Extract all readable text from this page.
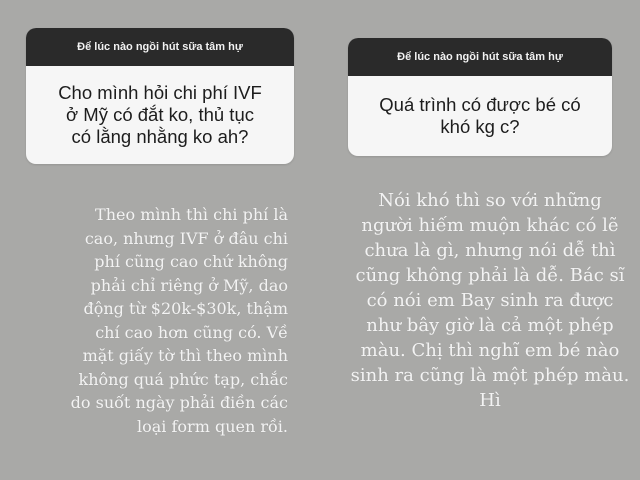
Để lúc nào ngồi hút sữa tâm hự
Cho mình hỏi chi phí IVF ở Mỹ có đắt ko, thủ tục có lằng nhằng ko ah?
Theo mình thì chi phí là cao, nhưng IVF ở đâu chi phí cũng cao chứ không phải chỉ riêng ở Mỹ, dao động từ $20k-$30k, thậm chí cao hơn cũng có. Về mặt giấy tờ thì theo mình không quá phức tạp, chắc do suốt ngày phải điền các loại form quen rồi.
Để lúc nào ngồi hút sữa tâm hự
Quá trình có được bé có khó kg c?
Nói khó thì so với những người hiếm muộn khác có lẽ chưa là gì, nhưng nói dễ thì cũng không phải là dễ. Bác sĩ có nói em Bay sinh ra được như bây giờ là cả một phép màu. Chị thì nghĩ em bé nào sinh ra cũng là một phép màu. Hì
